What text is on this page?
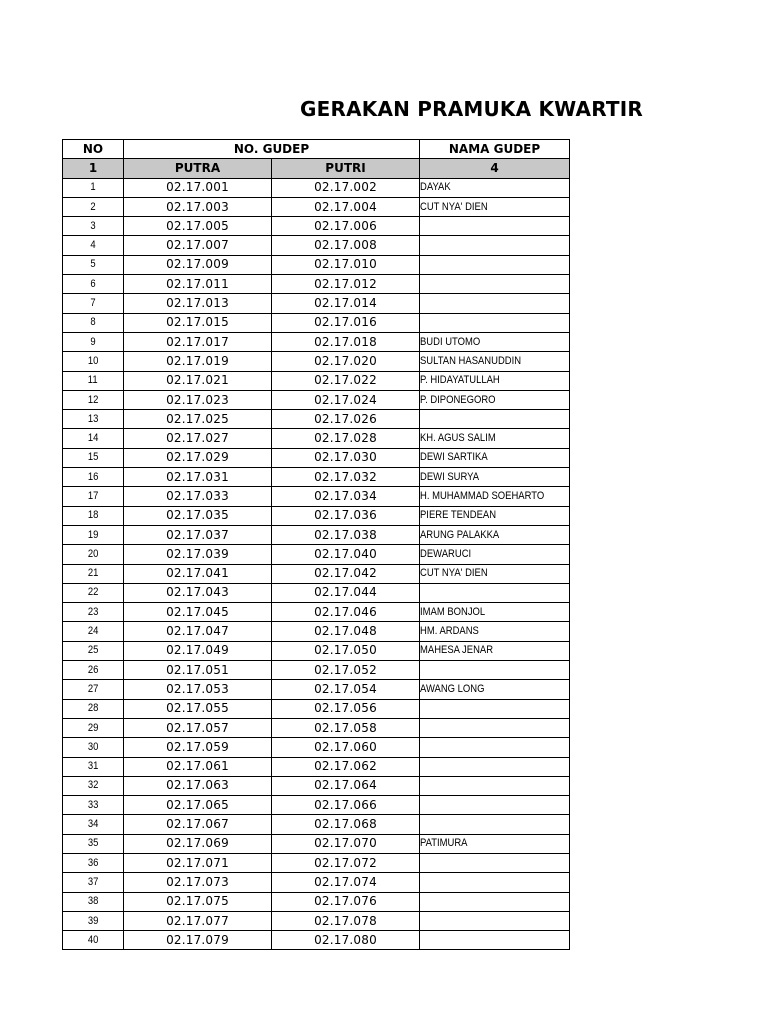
GERAKAN PRAMUKA KWARTIR
NO	NO. GUDEP		NAMA GUDEP
1	PUTRA	PUTRI	4
1	02.17.001	02.17.002	DAYAK
2	02.17.003	02.17.004	CUT NYA' DIEN
3	02.17.005	02.17.006	
4	02.17.007	02.17.008	
5	02.17.009	02.17.010	
6	02.17.011	02.17.012	
7	02.17.013	02.17.014	
8	02.17.015	02.17.016	
9	02.17.017	02.17.018	BUDI UTOMO
10	02.17.019	02.17.020	SULTAN HASANUDDIN
11	02.17.021	02.17.022	P. HIDAYATULLAH
12	02.17.023	02.17.024	P. DIPONEGORO
13	02.17.025	02.17.026	
14	02.17.027	02.17.028	KH. AGUS SALIM
15	02.17.029	02.17.030	DEWI SARTIKA
16	02.17.031	02.17.032	DEWI SURYA
17	02.17.033	02.17.034	H. MUHAMMAD SOEHARTO
18	02.17.035	02.17.036	PIERE TENDEAN
19	02.17.037	02.17.038	ARUNG PALAKKA
20	02.17.039	02.17.040	DEWARUCI
21	02.17.041	02.17.042	CUT NYA' DIEN
22	02.17.043	02.17.044	
23	02.17.045	02.17.046	IMAM BONJOL
24	02.17.047	02.17.048	HM. ARDANS
25	02.17.049	02.17.050	MAHESA JENAR
26	02.17.051	02.17.052	
27	02.17.053	02.17.054	AWANG LONG
28	02.17.055	02.17.056	
29	02.17.057	02.17.058	
30	02.17.059	02.17.060	
31	02.17.061	02.17.062	
32	02.17.063	02.17.064	
33	02.17.065	02.17.066	
34	02.17.067	02.17.068	
35	02.17.069	02.17.070	PATIMURA
36	02.17.071	02.17.072	
37	02.17.073	02.17.074	
38	02.17.075	02.17.076	
39	02.17.077	02.17.078	
40	02.17.079	02.17.080	
